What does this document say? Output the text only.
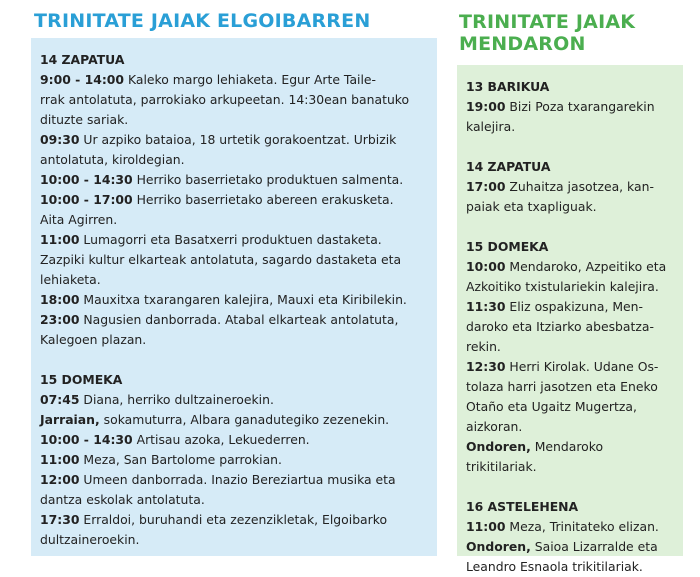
TRINITATE JAIAK ELGOIBARREN	TRINITATE JAIAK
MENDARON
14 ZAPATUA
9:00 - 14:00 Kaleko margo lehiaketa. Egur Arte Taile-
rrak antolatuta, parrokiako arkupeetan. 14:30ean banatuko
dituzte sariak.
09:30 Ur azpiko bataioa, 18 urtetik gorakoentzat. Urbizik
antolatuta, kiroldegian.
10:00 - 14:30 Herriko baserrietako produktuen salmenta.
10:00 - 17:00 Herriko baserrietako abereen erakusketa.
Aita Agirren.
11:00 Lumagorri eta Basatxerri produktuen dastaketa.
Zazpiki kultur elkarteak antolatuta, sagardo dastaketa eta
lehiaketa.
18:00 Mauxitxa txarangaren kalejira, Mauxi eta Kiribilekin.
23:00 Nagusien danborrada. Atabal elkarteak antolatuta,
Kalegoen plazan.
15 DOMEKA
07:45 Diana, herriko dultzaineroekin.
Jarraian, sokamuturra, Albara ganadutegiko zezenekin.
10:00 - 14:30 Artisau azoka, Lekuederren.
11:00 Meza, San Bartolome parrokian.
12:00 Umeen danborrada. Inazio Bereziartua musika eta
dantza eskolak antolatuta.
17:30 Erraldoi, buruhandi eta zezenzikletak, Elgoibarko
dultzaineroekin.
13 BARIKUA
19:00 Bizi Poza txarangarekin
kalejira.
14 ZAPATUA
17:00 Zuhaitza jasotzea, kan-
paiak eta txapliguak.
15 DOMEKA
10:00 Mendaroko, Azpeitiko eta
Azkoitiko txistulariekin kalejira.
11:30 Eliz ospakizuna, Men-
daroko eta Itziarko abesbatza-
rekin.
12:30 Herri Kirolak. Udane Os-
tolaza harri jasotzen eta Eneko
Otaño eta Ugaitz Mugertza,
aizkoran.
Ondoren, Mendaroko trikitilariak.
16 ASTELEHENA
11:00 Meza, Trinitateko elizan.
Ondoren, Saioa Lizarralde eta
Leandro Esnaola trikitilariak.
